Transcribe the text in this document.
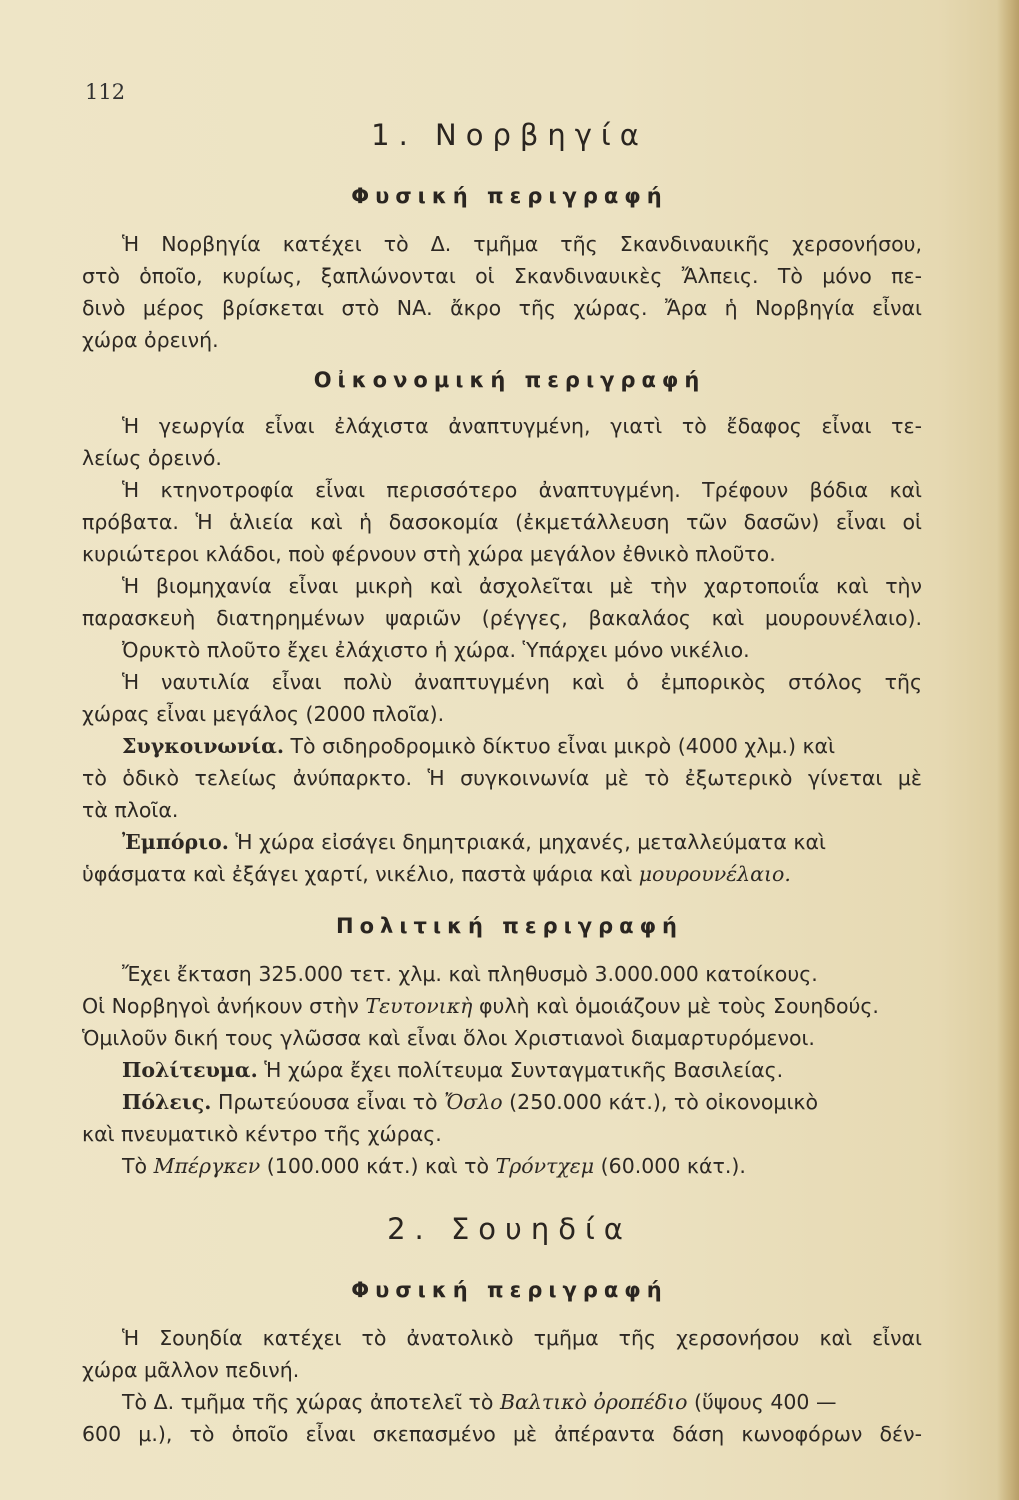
112
1. Νορβηγία
Φυσική περιγραφή
Ἡ Νορβηγία κατέχει τὸ Δ. τμῆμα τῆς Σκανδιναυικῆς χερσονήσου,
στὸ ὁποῖο, κυρίως, ξαπλώνονται οἱ Σκανδιναυικὲς Ἄλπεις. Τὸ μόνο πε-
δινὸ μέρος βρίσκεται στὸ ΝΑ. ἄκρο τῆς χώρας. Ἄρα ἡ Νορβηγία εἶναι
χώρα ὀρεινή.
Οἰκονομική περιγραφή
Ἡ γεωργία εἶναι ἐλάχιστα ἀναπτυγμένη, γιατὶ τὸ ἔδαφος εἶναι τε-
λείως ὀρεινό.
Ἡ κτηνοτροφία εἶναι περισσότερο ἀναπτυγμένη. Τρέφουν βόδια καὶ
πρόβατα. Ἡ ἁλιεία καὶ ἡ δασοκομία (ἐκμετάλλευση τῶν δασῶν) εἶναι οἱ
κυριώτεροι κλάδοι, ποὺ φέρνουν στὴ χώρα μεγάλον ἐθνικὸ πλοῦτο.
Ἡ βιομηχανία εἶναι μικρὴ καὶ ἀσχολεῖται μὲ τὴν χαρτοποιΐα καὶ τὴν
παρασκευὴ διατηρημένων ψαριῶν (ρέγγες, βακαλάος καὶ μουρουνέλαιο).
Ὀρυκτὸ πλοῦτο ἔχει ἐλάχιστο ἡ χώρα. Ὑπάρχει μόνο νικέλιο.
Ἡ ναυτιλία εἶναι πολὺ ἀναπτυγμένη καὶ ὁ ἐμπορικὸς στόλος τῆς
χώρας εἶναι μεγάλος (2000 πλοῖα).
Συγκοινωνία. Τὸ σιδηροδρομικὸ δίκτυο εἶναι μικρὸ (4000 χλμ.) καὶ
τὸ ὁδικὸ τελείως ἀνύπαρκτο. Ἡ συγκοινωνία μὲ τὸ ἐξωτερικὸ γίνεται μὲ
τὰ πλοῖα.
Ἐμπόριο. Ἡ χώρα εἰσάγει δημητριακά, μηχανές, μεταλλεύματα καὶ
ὑφάσματα καὶ ἐξάγει χαρτί, νικέλιο, παστὰ ψάρια καὶ μουρουνέλαιο.
Πολιτική περιγραφή
Ἔχει ἔκταση 325.000 τετ. χλμ. καὶ πληθυσμὸ 3.000.000 κατοίκους.
Οἱ Νορβηγοὶ ἀνήκουν στὴν Τευτονικὴ φυλὴ καὶ ὁμοιάζουν μὲ τοὺς Σουηδούς.
Ὁμιλοῦν δική τους γλῶσσα καὶ εἶναι ὅλοι Χριστιανοὶ διαμαρτυρόμενοι.
Πολίτευμα. Ἡ χώρα ἔχει πολίτευμα Συνταγματικῆς Βασιλείας.
Πόλεις. Πρωτεύουσα εἶναι τὸ Ὄσλο (250.000 κάτ.), τὸ οἰκονομικὸ
καὶ πνευματικὸ κέντρο τῆς χώρας.
Τὸ Μπέργκεν (100.000 κάτ.) καὶ τὸ Τρόντχεμ (60.000 κάτ.).
2. Σουηδία
Φυσική περιγραφή
Ἡ Σουηδία κατέχει τὸ ἀνατολικὸ τμῆμα τῆς χερσονήσου καὶ εἶναι
χώρα μᾶλλον πεδινή.
Τὸ Δ. τμῆμα τῆς χώρας ἀποτελεῖ τὸ Βαλτικὸ ὀροπέδιο (ὕψους 400 —
600 μ.), τὸ ὁποῖο εἶναι σκεπασμένο μὲ ἀπέραντα δάση κωνοφόρων δέν-
